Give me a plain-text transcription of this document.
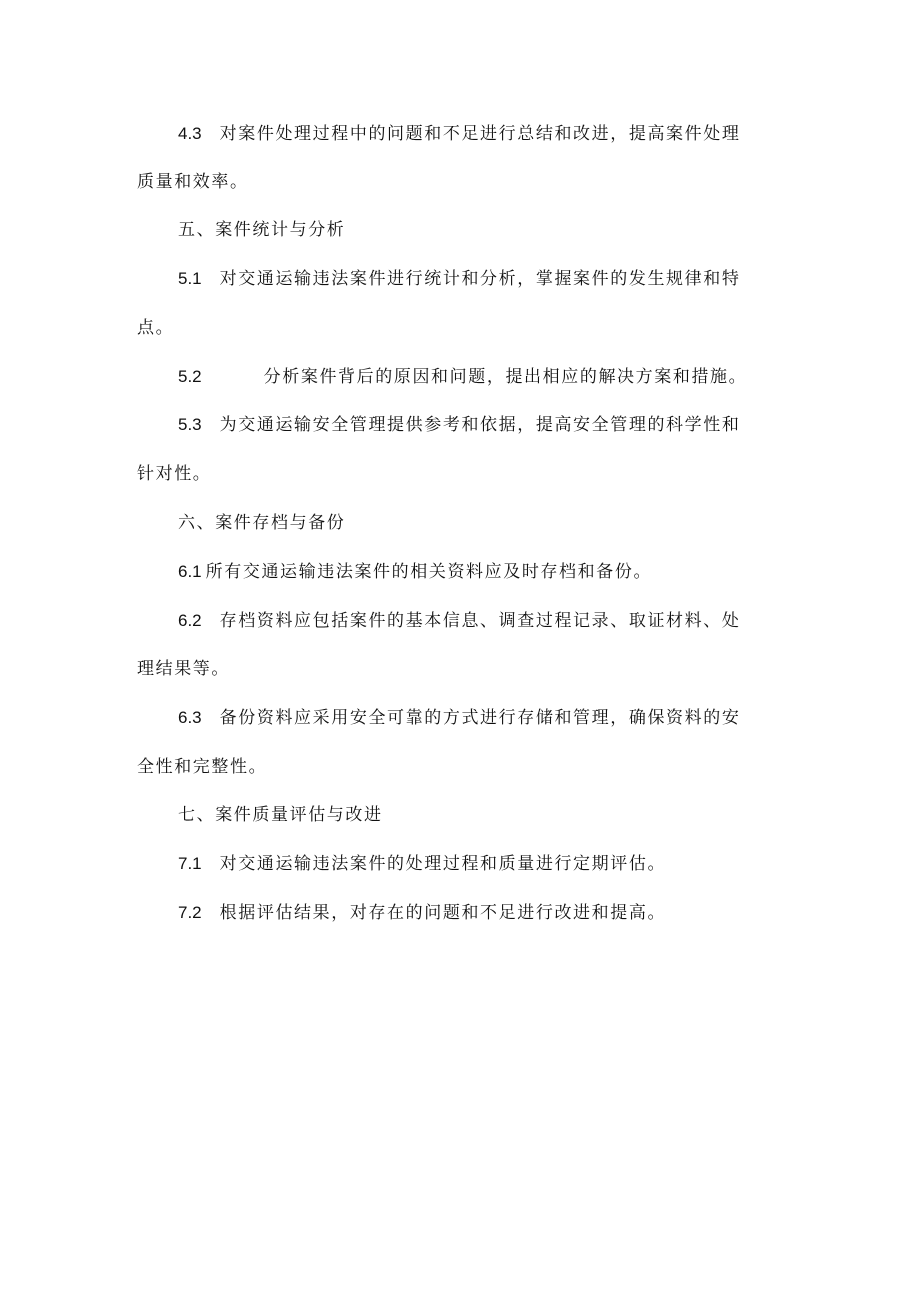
4.3 对案件处理过程中的问题和不足进行总结和改进，提高案件处理
质量和效率。
五、案件统计与分析
5.1 对交通运输违法案件进行统计和分析，掌握案件的发生规律和特
点。
5.2	分析案件背后的原因和问题，提出相应的解决方案和措施。
5.3 为交通运输安全管理提供参考和依据，提高安全管理的科学性和
针对性。
六、案件存档与备份
6.1 所有交通运输违法案件的相关资料应及时存档和备份。
6.2 存档资料应包括案件的基本信息、调查过程记录、取证材料、处
理结果等。
6.3 备份资料应采用安全可靠的方式进行存储和管理，确保资料的安
全性和完整性。
七、案件质量评估与改进
7.1 对交通运输违法案件的处理过程和质量进行定期评估。
7.2 根据评估结果，对存在的问题和不足进行改进和提高。
